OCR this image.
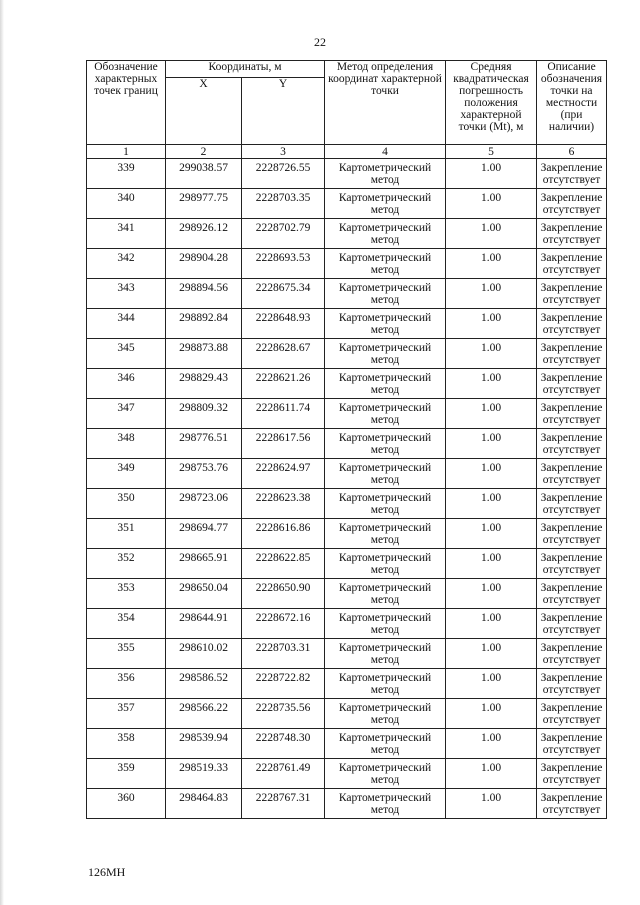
22
Обозначение характерных точек границ	Координаты, м		Метод определения координат характерной точки	Средняя квадратическая погрешность положения характерной точки (Mt), м	Описание обозначения точки на местности (при наличии)
	X	Y			
1	2	3	4	5	6
339	299038.57	2228726.55	Картометрический метод	1.00	Закрепление отсутствует
340	298977.75	2228703.35	Картометрический метод	1.00	Закрепление отсутствует
341	298926.12	2228702.79	Картометрический метод	1.00	Закрепление отсутствует
342	298904.28	2228693.53	Картометрический метод	1.00	Закрепление отсутствует
343	298894.56	2228675.34	Картометрический метод	1.00	Закрепление отсутствует
344	298892.84	2228648.93	Картометрический метод	1.00	Закрепление отсутствует
345	298873.88	2228628.67	Картометрический метод	1.00	Закрепление отсутствует
346	298829.43	2228621.26	Картометрический метод	1.00	Закрепление отсутствует
347	298809.32	2228611.74	Картометрический метод	1.00	Закрепление отсутствует
348	298776.51	2228617.56	Картометрический метод	1.00	Закрепление отсутствует
349	298753.76	2228624.97	Картометрический метод	1.00	Закрепление отсутствует
350	298723.06	2228623.38	Картометрический метод	1.00	Закрепление отсутствует
351	298694.77	2228616.86	Картометрический метод	1.00	Закрепление отсутствует
352	298665.91	2228622.85	Картометрический метод	1.00	Закрепление отсутствует
353	298650.04	2228650.90	Картометрический метод	1.00	Закрепление отсутствует
354	298644.91	2228672.16	Картометрический метод	1.00	Закрепление отсутствует
355	298610.02	2228703.31	Картометрический метод	1.00	Закрепление отсутствует
356	298586.52	2228722.82	Картометрический метод	1.00	Закрепление отсутствует
357	298566.22	2228735.56	Картометрический метод	1.00	Закрепление отсутствует
358	298539.94	2228748.30	Картометрический метод	1.00	Закрепление отсутствует
359	298519.33	2228761.49	Картометрический метод	1.00	Закрепление отсутствует
360	298464.83	2228767.31	Картометрический метод	1.00	Закрепление отсутствует
126МН
